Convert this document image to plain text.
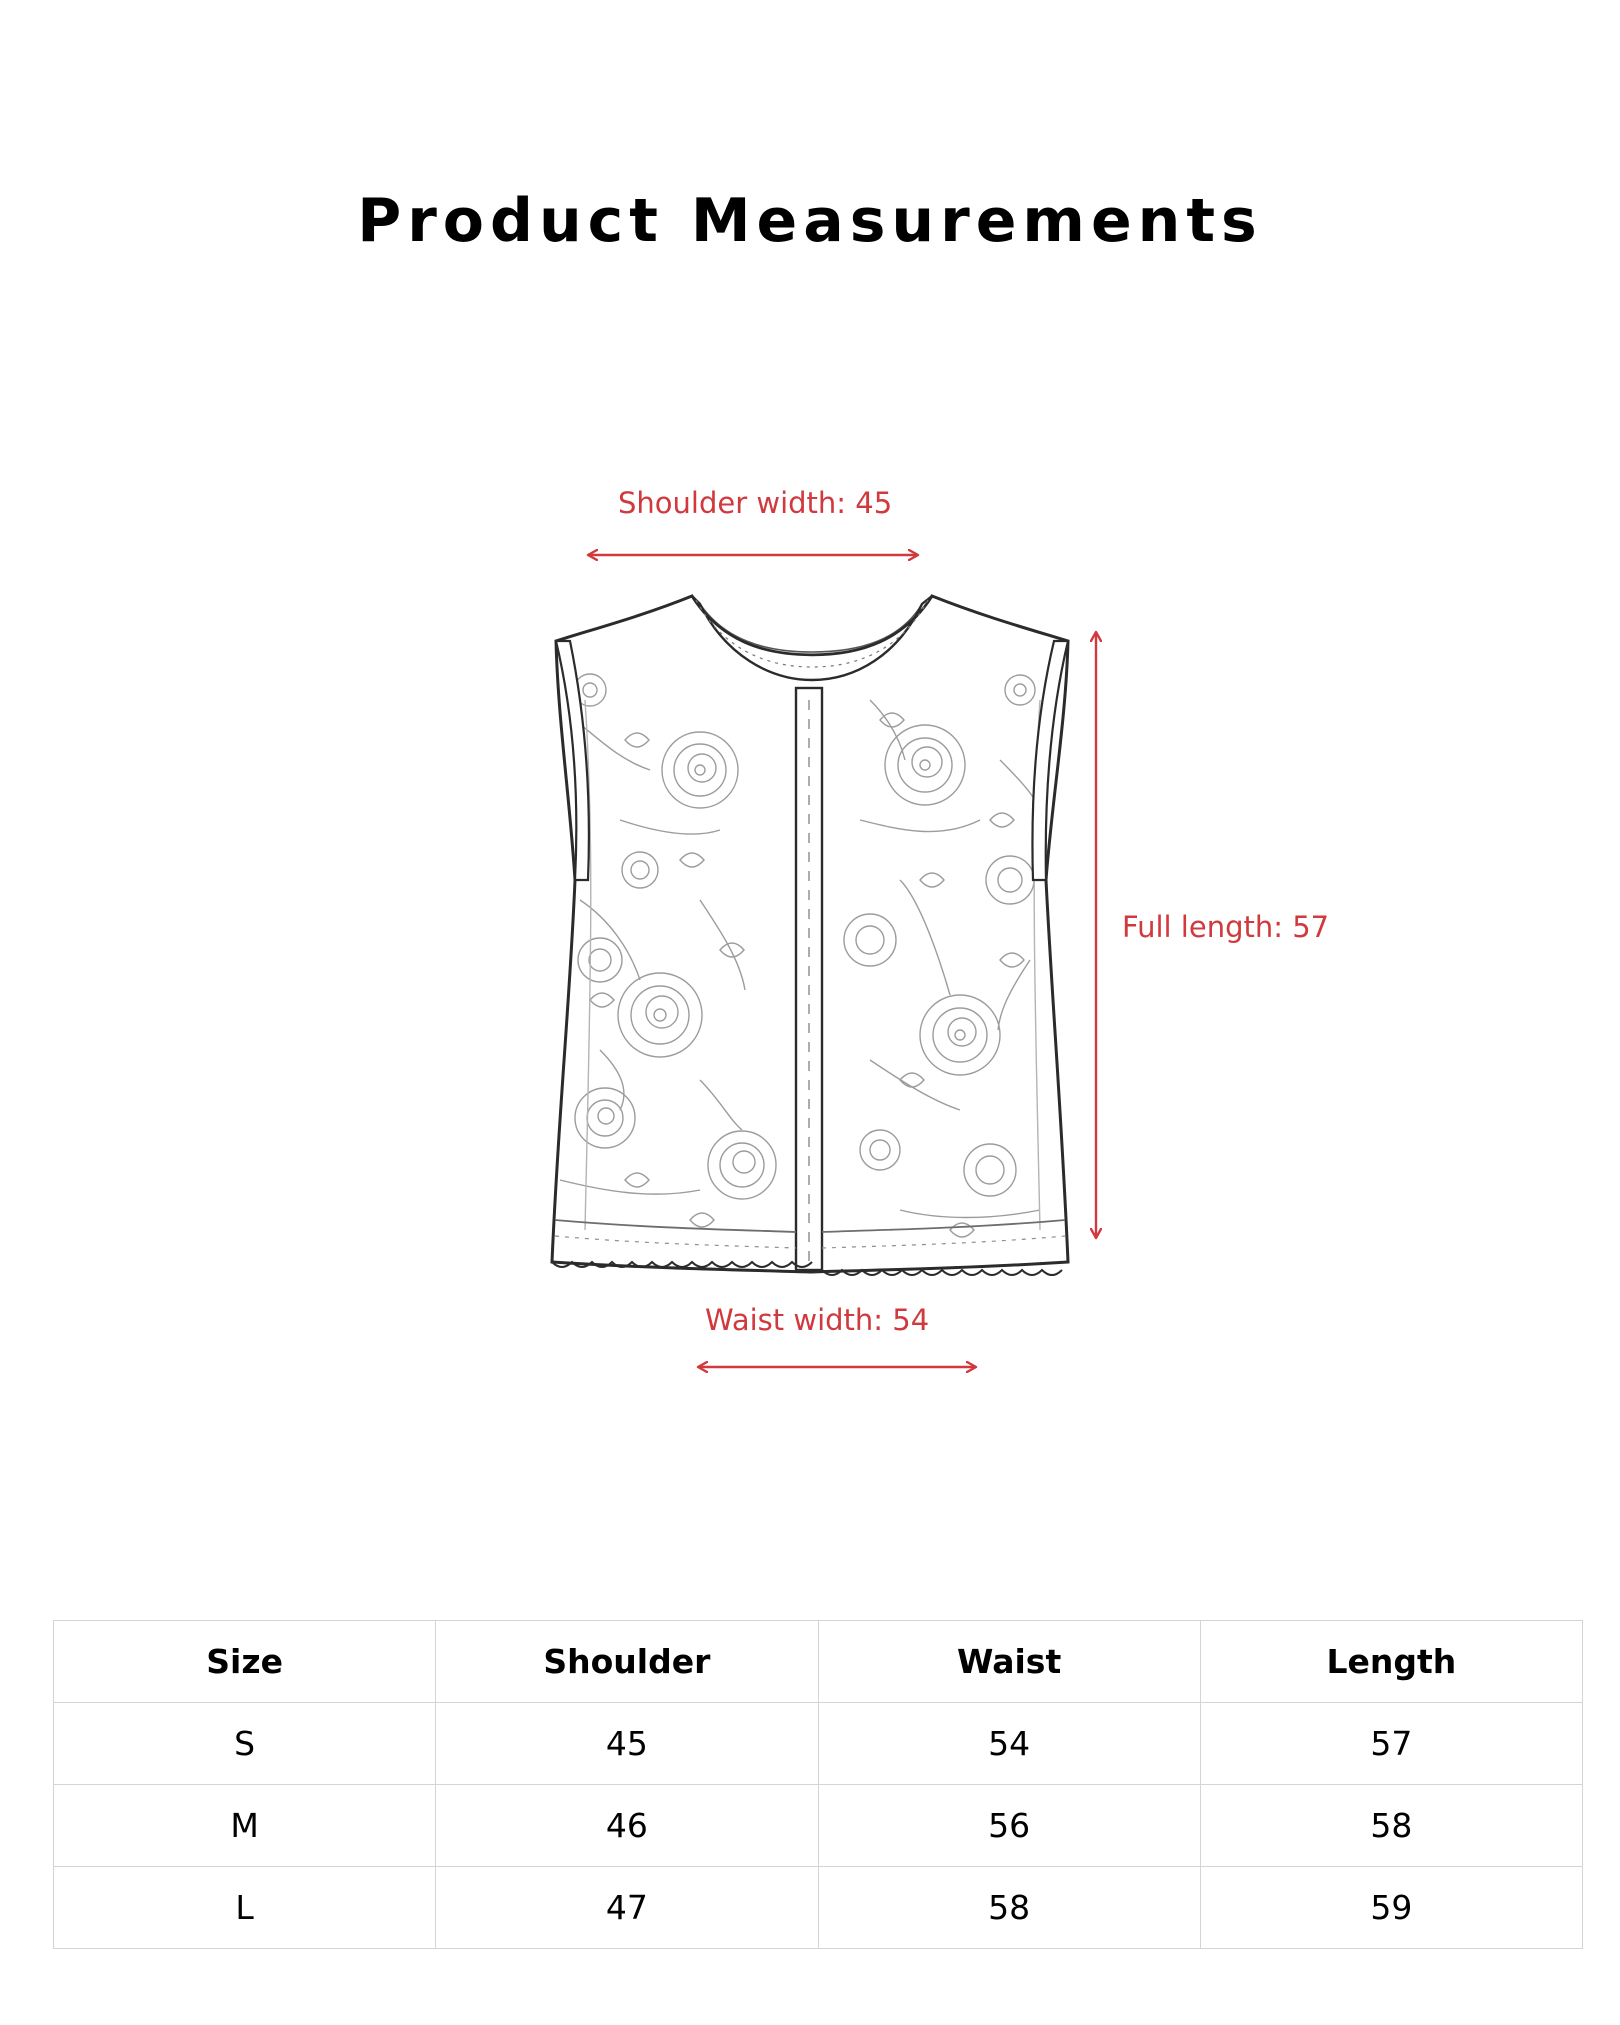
Product Measurements
Shoulder width: 45
Full length: 57
Waist width: 54
Size	Shoulder	Waist	Length
S	45	54	57
M	46	56	58
L	47	58	59
